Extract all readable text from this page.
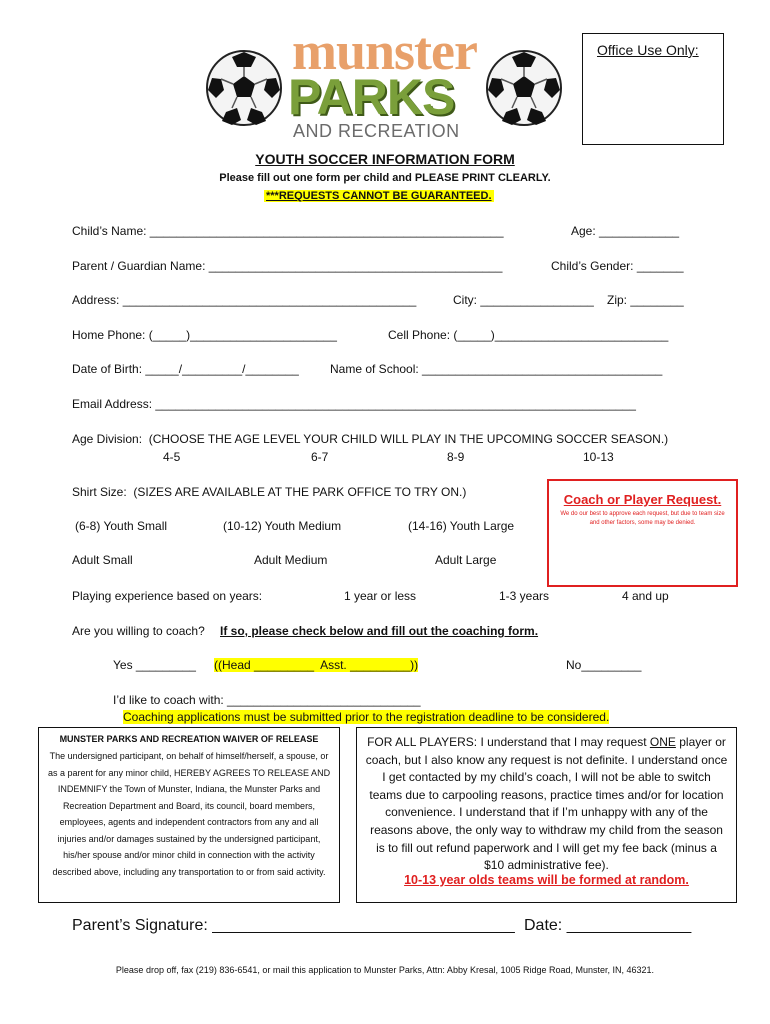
munster
PARKS
AND RECREATION
Office Use Only:
YOUTH SOCCER INFORMATION FORM
Please fill out one form per child and PLEASE PRINT CLEARLY.
***REQUESTS CANNOT BE GUARANTEED.
Child’s Name: _____________________________________________________	Age: ____________
Parent / Guardian Name: ____________________________________________	Child’s Gender: _______
Address: ____________________________________________	City: _________________ Zip: ________
Home Phone: (_____)______________________	Cell Phone: (_____)__________________________
Date of Birth: _____/_________/________	Name of School: ____________________________________
Email Address: ________________________________________________________________________
Age Division:  (CHOOSE THE AGE LEVEL YOUR CHILD WILL PLAY IN THE UPCOMING SOCCER SEASON.)
4-5	6-7	8-9	10-13
Shirt Size:  (SIZES ARE AVAILABLE AT THE PARK OFFICE TO TRY ON.)
(6-8) Youth Small	(10-12) Youth Medium	(14-16) Youth Large
Adult Small	Adult Medium	Adult Large
Coach or Player Request.
We do our best to approve each request, but due to team size and other factors, some may be denied.
Playing experience based on years:	1 year or less	1-3 years	4 and up
Are you willing to coach? If so, please check below and fill out the coaching form.
Yes _________ ((Head _________  Asst. _________))	No_________
I’d like to coach with: _____________________________
Coaching applications must be submitted prior to the registration deadline to be considered.
MUNSTER PARKS AND RECREATION WAIVER OF RELEASE
The undersigned participant, on behalf of himself/herself, a spouse, or as a parent for any minor child, HEREBY AGREES TO RELEASE AND INDEMNIFY the Town of Munster, Indiana, the Munster Parks and Recreation Department and Board, its council, board members, employees, agents and independent contractors from any and all injuries and/or damages sustained by the undersigned participant, his/her spouse and/or minor child in connection with the activity described above, including any transportation to or from said activity.
FOR ALL PLAYERS: I understand that I may request ONE player or coach, but I also know any request is not definite. I understand once I get contacted by my child’s coach, I will not be able to switch teams due to carpooling reasons, practice times and/or for location convenience. I understand that if I’m unhappy with any of the reasons above, the only way to withdraw my child from the season is to fill out refund paperwork and I will get my fee back (minus a $10 administrative fee).
10-13 year olds teams will be formed at random.
Parent’s Signature: __________________________________ Date: ______________
Please drop off, fax (219) 836-6541, or mail this application to Munster Parks, Attn: Abby Kresal, 1005 Ridge Road, Munster, IN, 46321.
